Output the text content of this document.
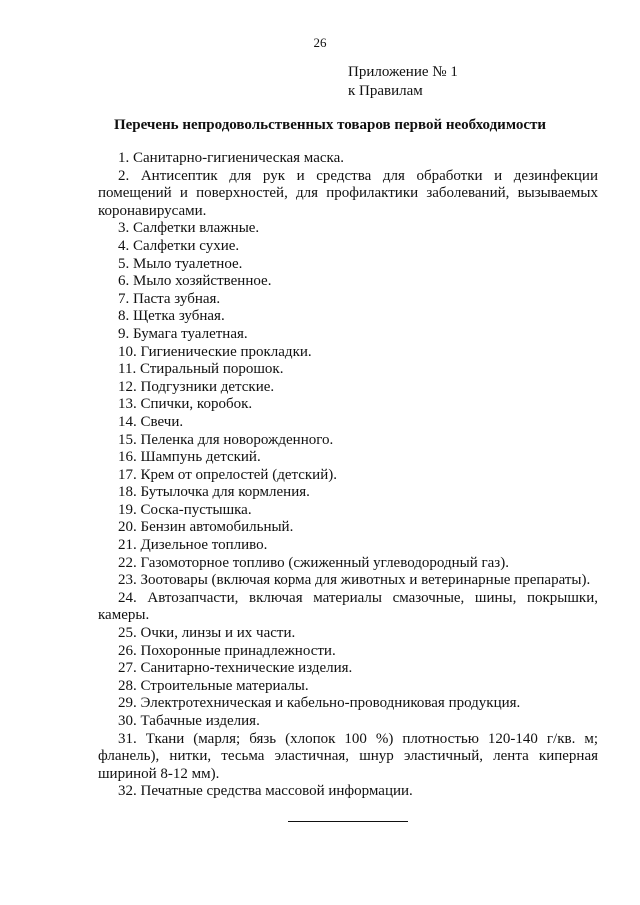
26
Приложение № 1
к Правилам
Перечень непродовольственных товаров первой необходимости

1. Санитарно-гигиеническая маска.

2. Антисептик для рук и средства для обработки и дезинфекции помещений и поверхностей, для профилактики заболеваний, вызываемых коронавирусами.

3. Салфетки влажные.

4. Салфетки сухие.

5. Мыло туалетное.

6. Мыло хозяйственное.

7. Паста зубная.

8. Щетка зубная.

9. Бумага туалетная.

10. Гигиенические прокладки.

11. Стиральный порошок.

12. Подгузники детские.

13. Спички, коробок.

14. Свечи.

15. Пеленка для новорожденного.

16. Шампунь детский.

17. Крем от опрелостей (детский).

18. Бутылочка для кормления.

19. Соска-пустышка.

20. Бензин автомобильный.

21. Дизельное топливо.

22. Газомоторное топливо (сжиженный углеводородный газ).

23. Зоотовары (включая корма для животных и ветеринарные препараты).

24. Автозапчасти, включая материалы смазочные, шины, покрышки, камеры.

25. Очки, линзы и их части.

26. Похоронные принадлежности.

27. Санитарно-технические изделия.

28. Строительные материалы.

29. Электротехническая и кабельно-проводниковая продукция.

30. Табачные изделия.

31. Ткани (марля; бязь (хлопок 100 %) плотностью 120-140 г/кв. м; фланель), нитки, тесьма эластичная, шнур эластичный, лента киперная шириной 8-12 мм).

32. Печатные средства массовой информации.
